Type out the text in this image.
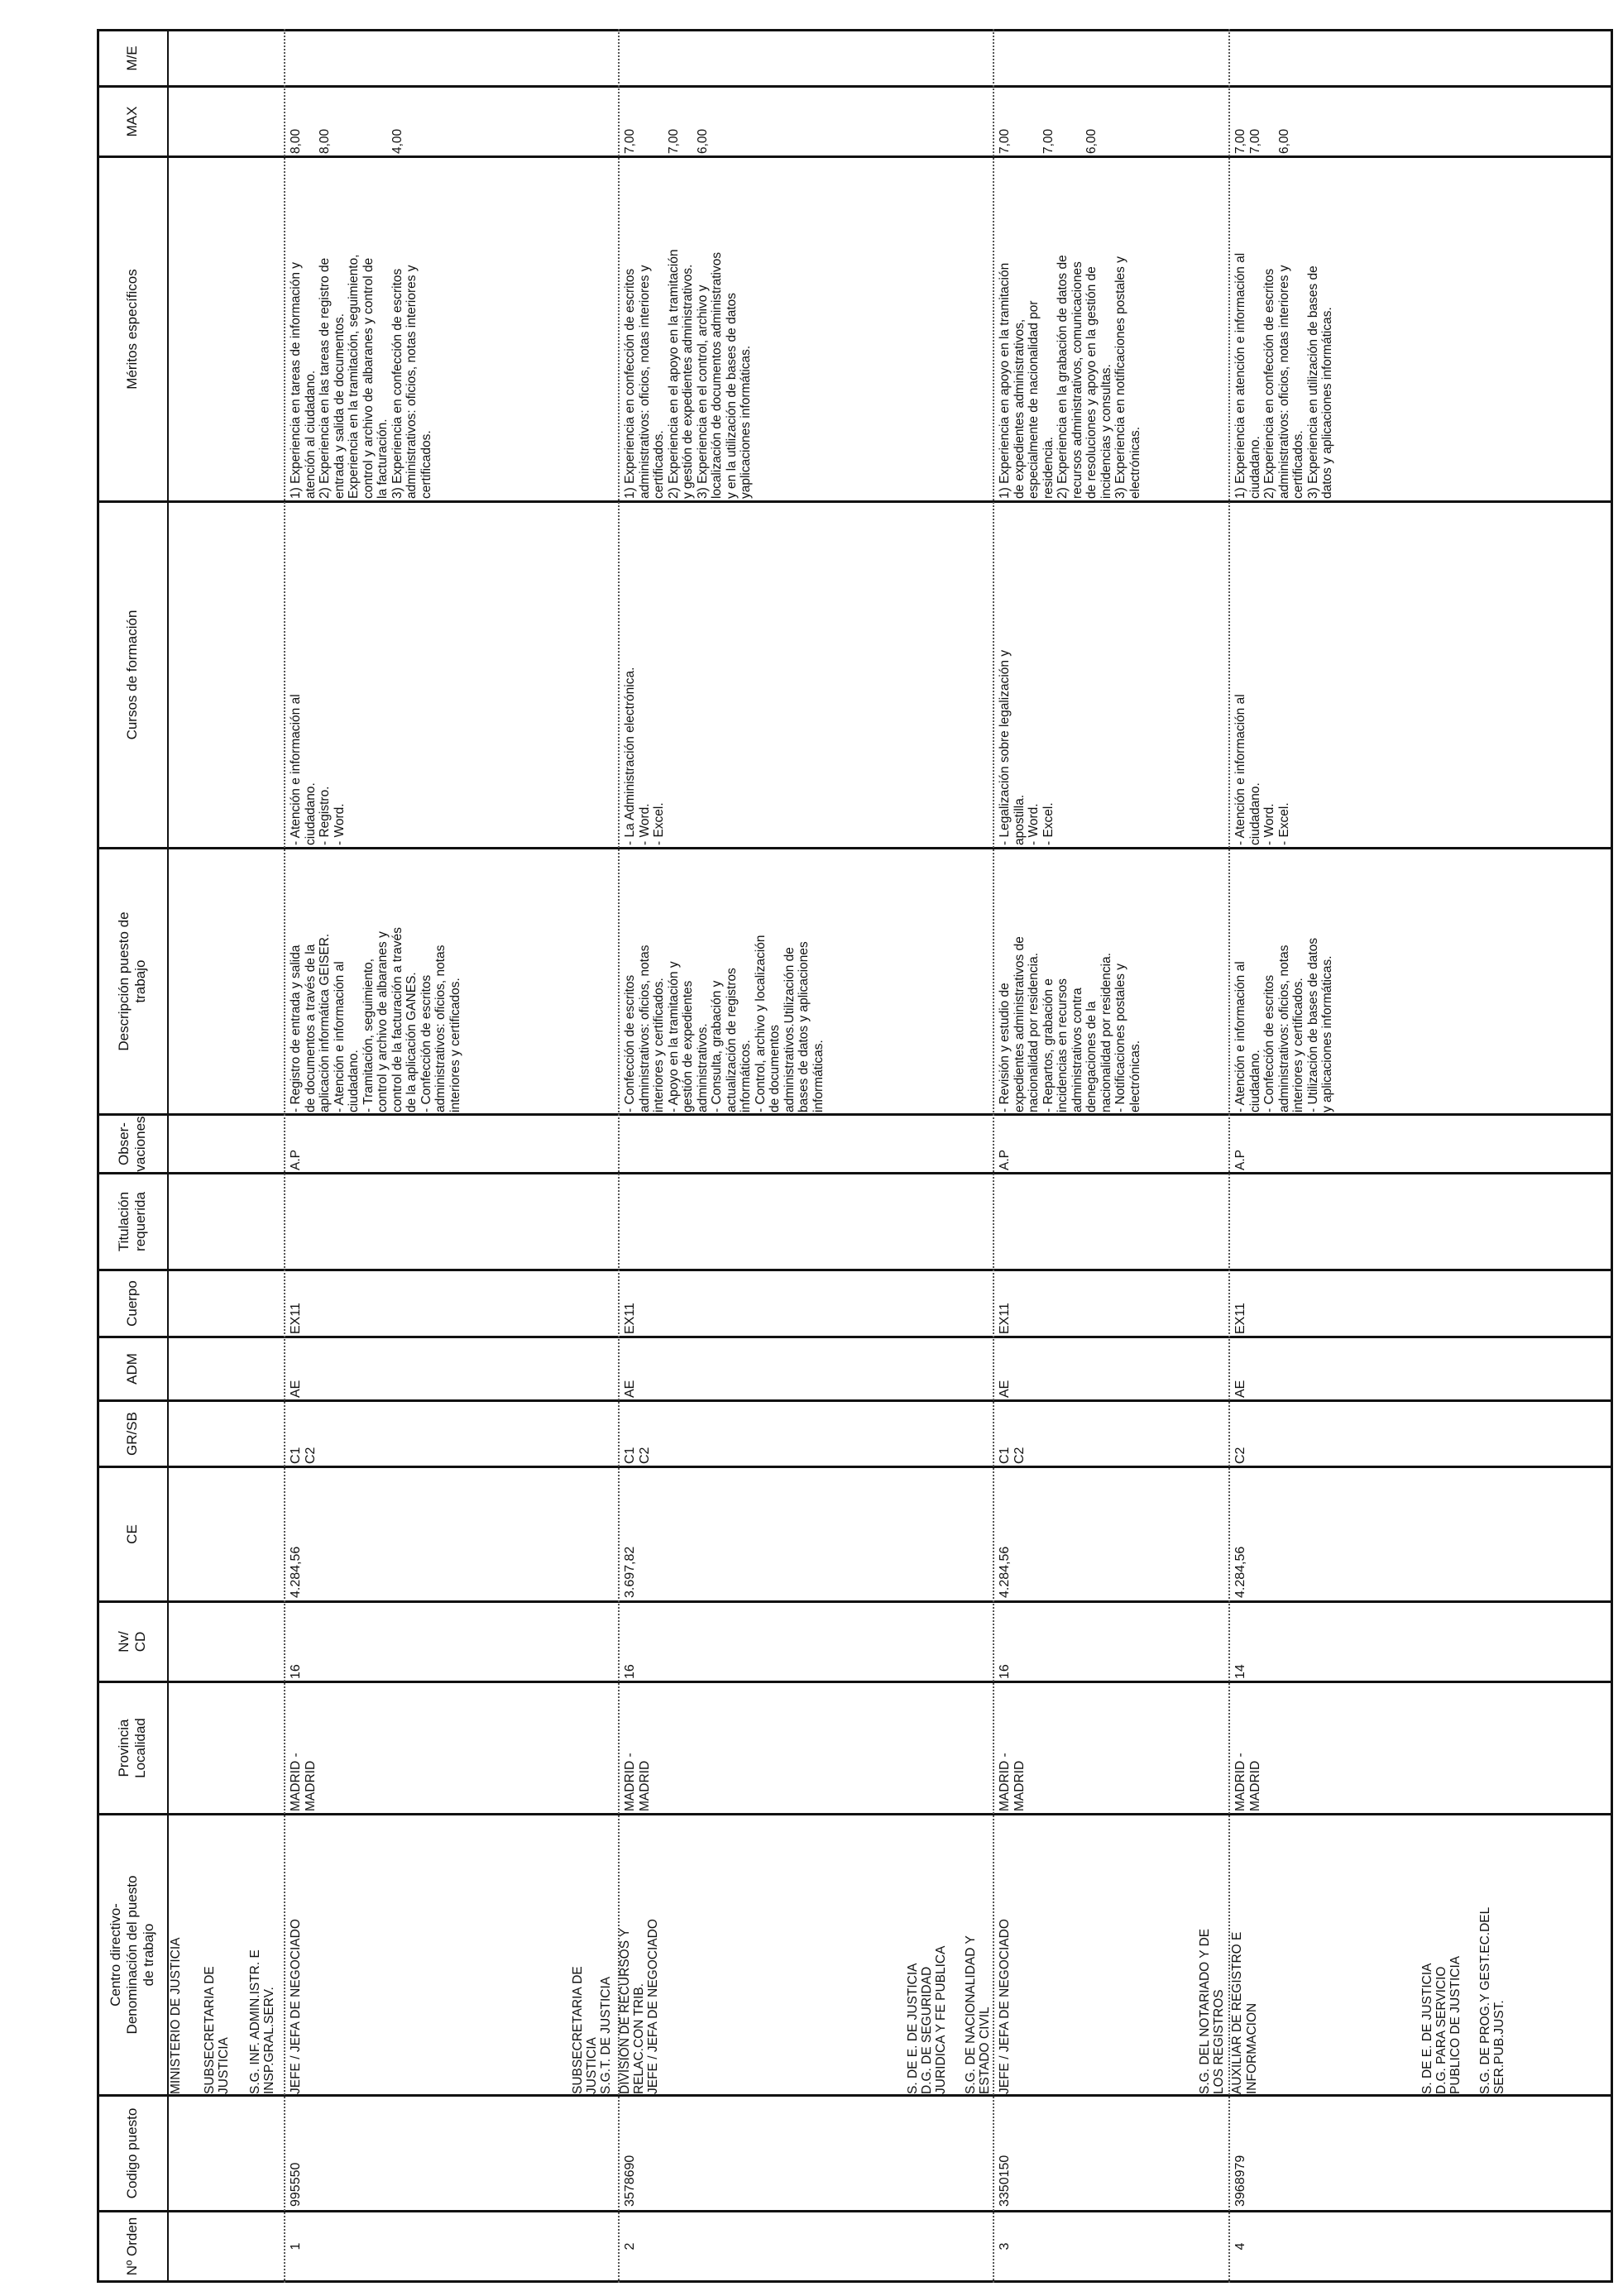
Nº Orden
Codigo puesto
Centro directivo-
Denominación del puesto
de trabajo
Provincia
Localidad
Nv/
CD
CE
GR/SB
ADM
Cuerpo
Titulación
requerida
Obser-
vaciones
Descripción puesto de
trabajo
Cursos de formación
Méritos específicos
MAX
M/E
MINISTERIO DE JUSTICIA SUBSECRETARIA DE
JUSTICIA S.G. INF. ADMIN.ISTR. E
INSP.GRAL.SERV.
1
995550
JEFE / JEFA DE NEGOCIADO
MADRID -
MADRID
16
4.284,56
C1
C2
AE
EX11
A.P
- Registro de entrada y salida
de documentos a través de la
aplicación informática GEISER.
- Atención e información al
ciudadano.
- Tramitación, seguimiento,
control y archivo de albaranes y
control de la facturación a través
de la aplicación GANES.
- Confección de escritos
administrativos: oficios, notas
interiores y certificados.
- Atención e información al
ciudadano.
- Registro.
- Word.
1) Experiencia en tareas de información y
atención al ciudadano.
2) Experiencia en las tareas de registro de
entrada y salida de documentos.
Experiencia en la tramitación, seguimiento,
control y archivo de albaranes y control de
la facturación.
3) Experiencia en confección de escritos
administrativos: oficios, notas interiores y
certificados.
8,00

8,00

4,00
SUBSECRETARIA DE
JUSTICIA
S.G.T. DE JUSTICIA
2
3578690
DIVISION DE RECURSOS Y
RELAC.CON TRIB. JEFE / JEFA DE NEGOCIADO
MADRID -
MADRID
16
3.697,82
C1
C2
AE
EX11
- Confección de escritos
administrativos: oficios, notas
interiores y certificados.
- Apoyo en la tramitación y
gestión de expedientes
administrativos.
- Consulta, grabación y
actualización de registros
informáticos.
- Control, archivo y localización
de documentos
administrativos.Utilización de
bases de datos y aplicaciones
informáticas.
- La Administración electrónica.
- Word.
- Excel.
1) Experiencia en confección de escritos
administrativos: oficios, notas interiores y
certificados.
2) Experiencia en el apoyo en la tramitación
y gestión de expedientes administrativos.
3) Experiencia en el control, archivo y
localización de documentos administrativos
y en la utilización de bases de datos
yaplicaciones informáticas.
7,00

7,00

6,00
S. DE E. DE JUSTICIA
D.G. DE SEGURIDAD
JURIDICA Y FE PUBLICA
S.G. DE NACIONALIDAD Y
ESTADO CIVIL
3
3350150
JEFE / JEFA DE NEGOCIADO
MADRID -
MADRID
16
4.284,56
C1
C2
AE
EX11
A.P
- Revisión y estudio de
expedientes administrativos de
nacionalidad por residencia.
- Repartos, grabación e
incidencias en recursos
administrativos contra
denegaciones de la
nacionalidad por residencia.
- Notificaciones postales y
electrónicas.
- Legalización sobre legalización y
apostilla.
- Word.
- Excel.
1) Experiencia en apoyo en la tramitación
de expedientes administrativos,
especialmente de nacionalidad por
residencia.
2) Experiencia en la grabación de datos de
recursos administrativos, comunicaciones
de resoluciones y apoyo en la gestión de
incidencias y consultas.
3) Experiencia en notificaciones postales y
electrónicas.
7,00

7,00

6,00
S.G. DEL NOTARIADO Y DE
LOS REGISTROS
4
3968979
AUXILIAR DE REGISTRO E
INFORMACION
MADRID -
MADRID
14
4.284,56
C2
AE
EX11
A.P
- Atención e información al
ciudadano.
- Confección de escritos
administrativos: oficios, notas
interiores y certificados.
- Utilización de bases de datos
y aplicaciones informáticas.
- Atención e información al
ciudadano.
- Word.
- Excel.
1) Experiencia en atención e información al
ciudadano.
2) Experiencia en confección de escritos
administrativos: oficios, notas interiores y
certificados.
3) Experiencia en utilización de bases de
datos y aplicaciones informáticas.
7,00
7,00

6,00
S. DE E. DE JUSTICIA
D.G. PARA SERVICIO
PUBLICO DE JUSTICIA
S.G. DE PROG.Y GEST.EC.DEL
SER.PUB.JUST.
